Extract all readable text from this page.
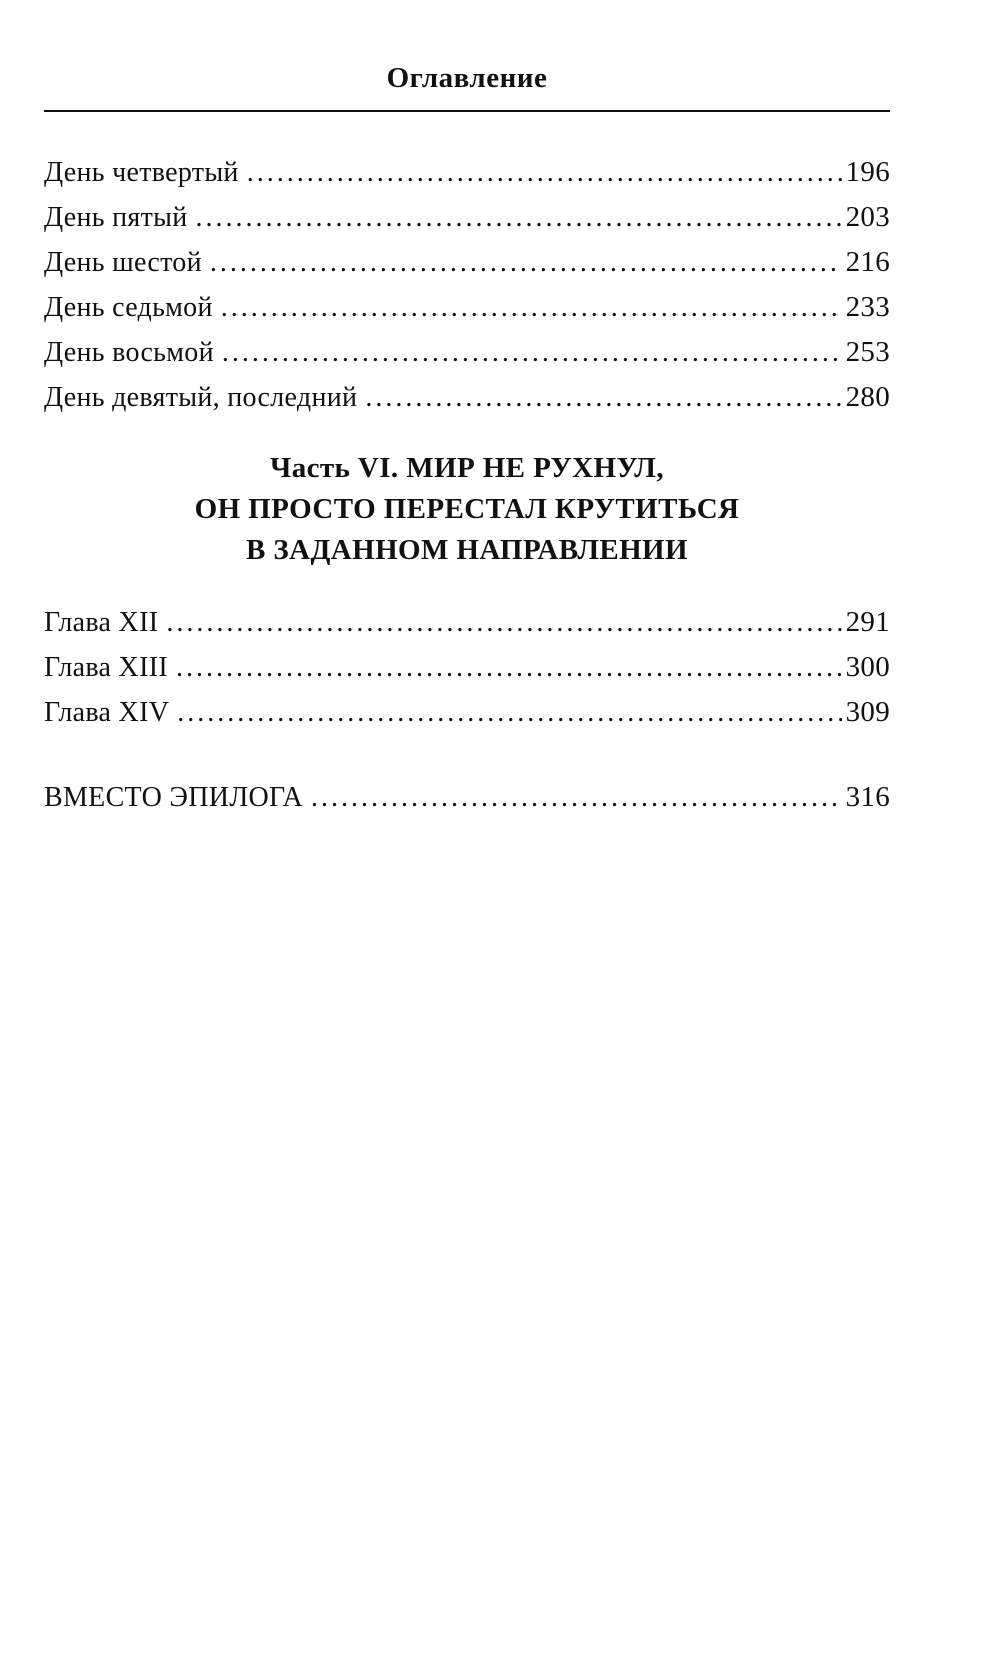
Оглавление
День четвертый . . .	196
День пятый . . .	203
День шестой . . .	216
День седьмой . . .	233
День восьмой . . .	253
День девятый, последний . . .	280
Часть VI. МИР НЕ РУХНУЛ,
ОН ПРОСТО ПЕРЕСТАЛ КРУТИТЬСЯ
В ЗАДАННОМ НАПРАВЛЕНИИ
Глава XII . . .	291
Глава XIII . . .	300
Глава XIV . . .	309
ВМЕСТО ЭПИЛОГА . . .	316
